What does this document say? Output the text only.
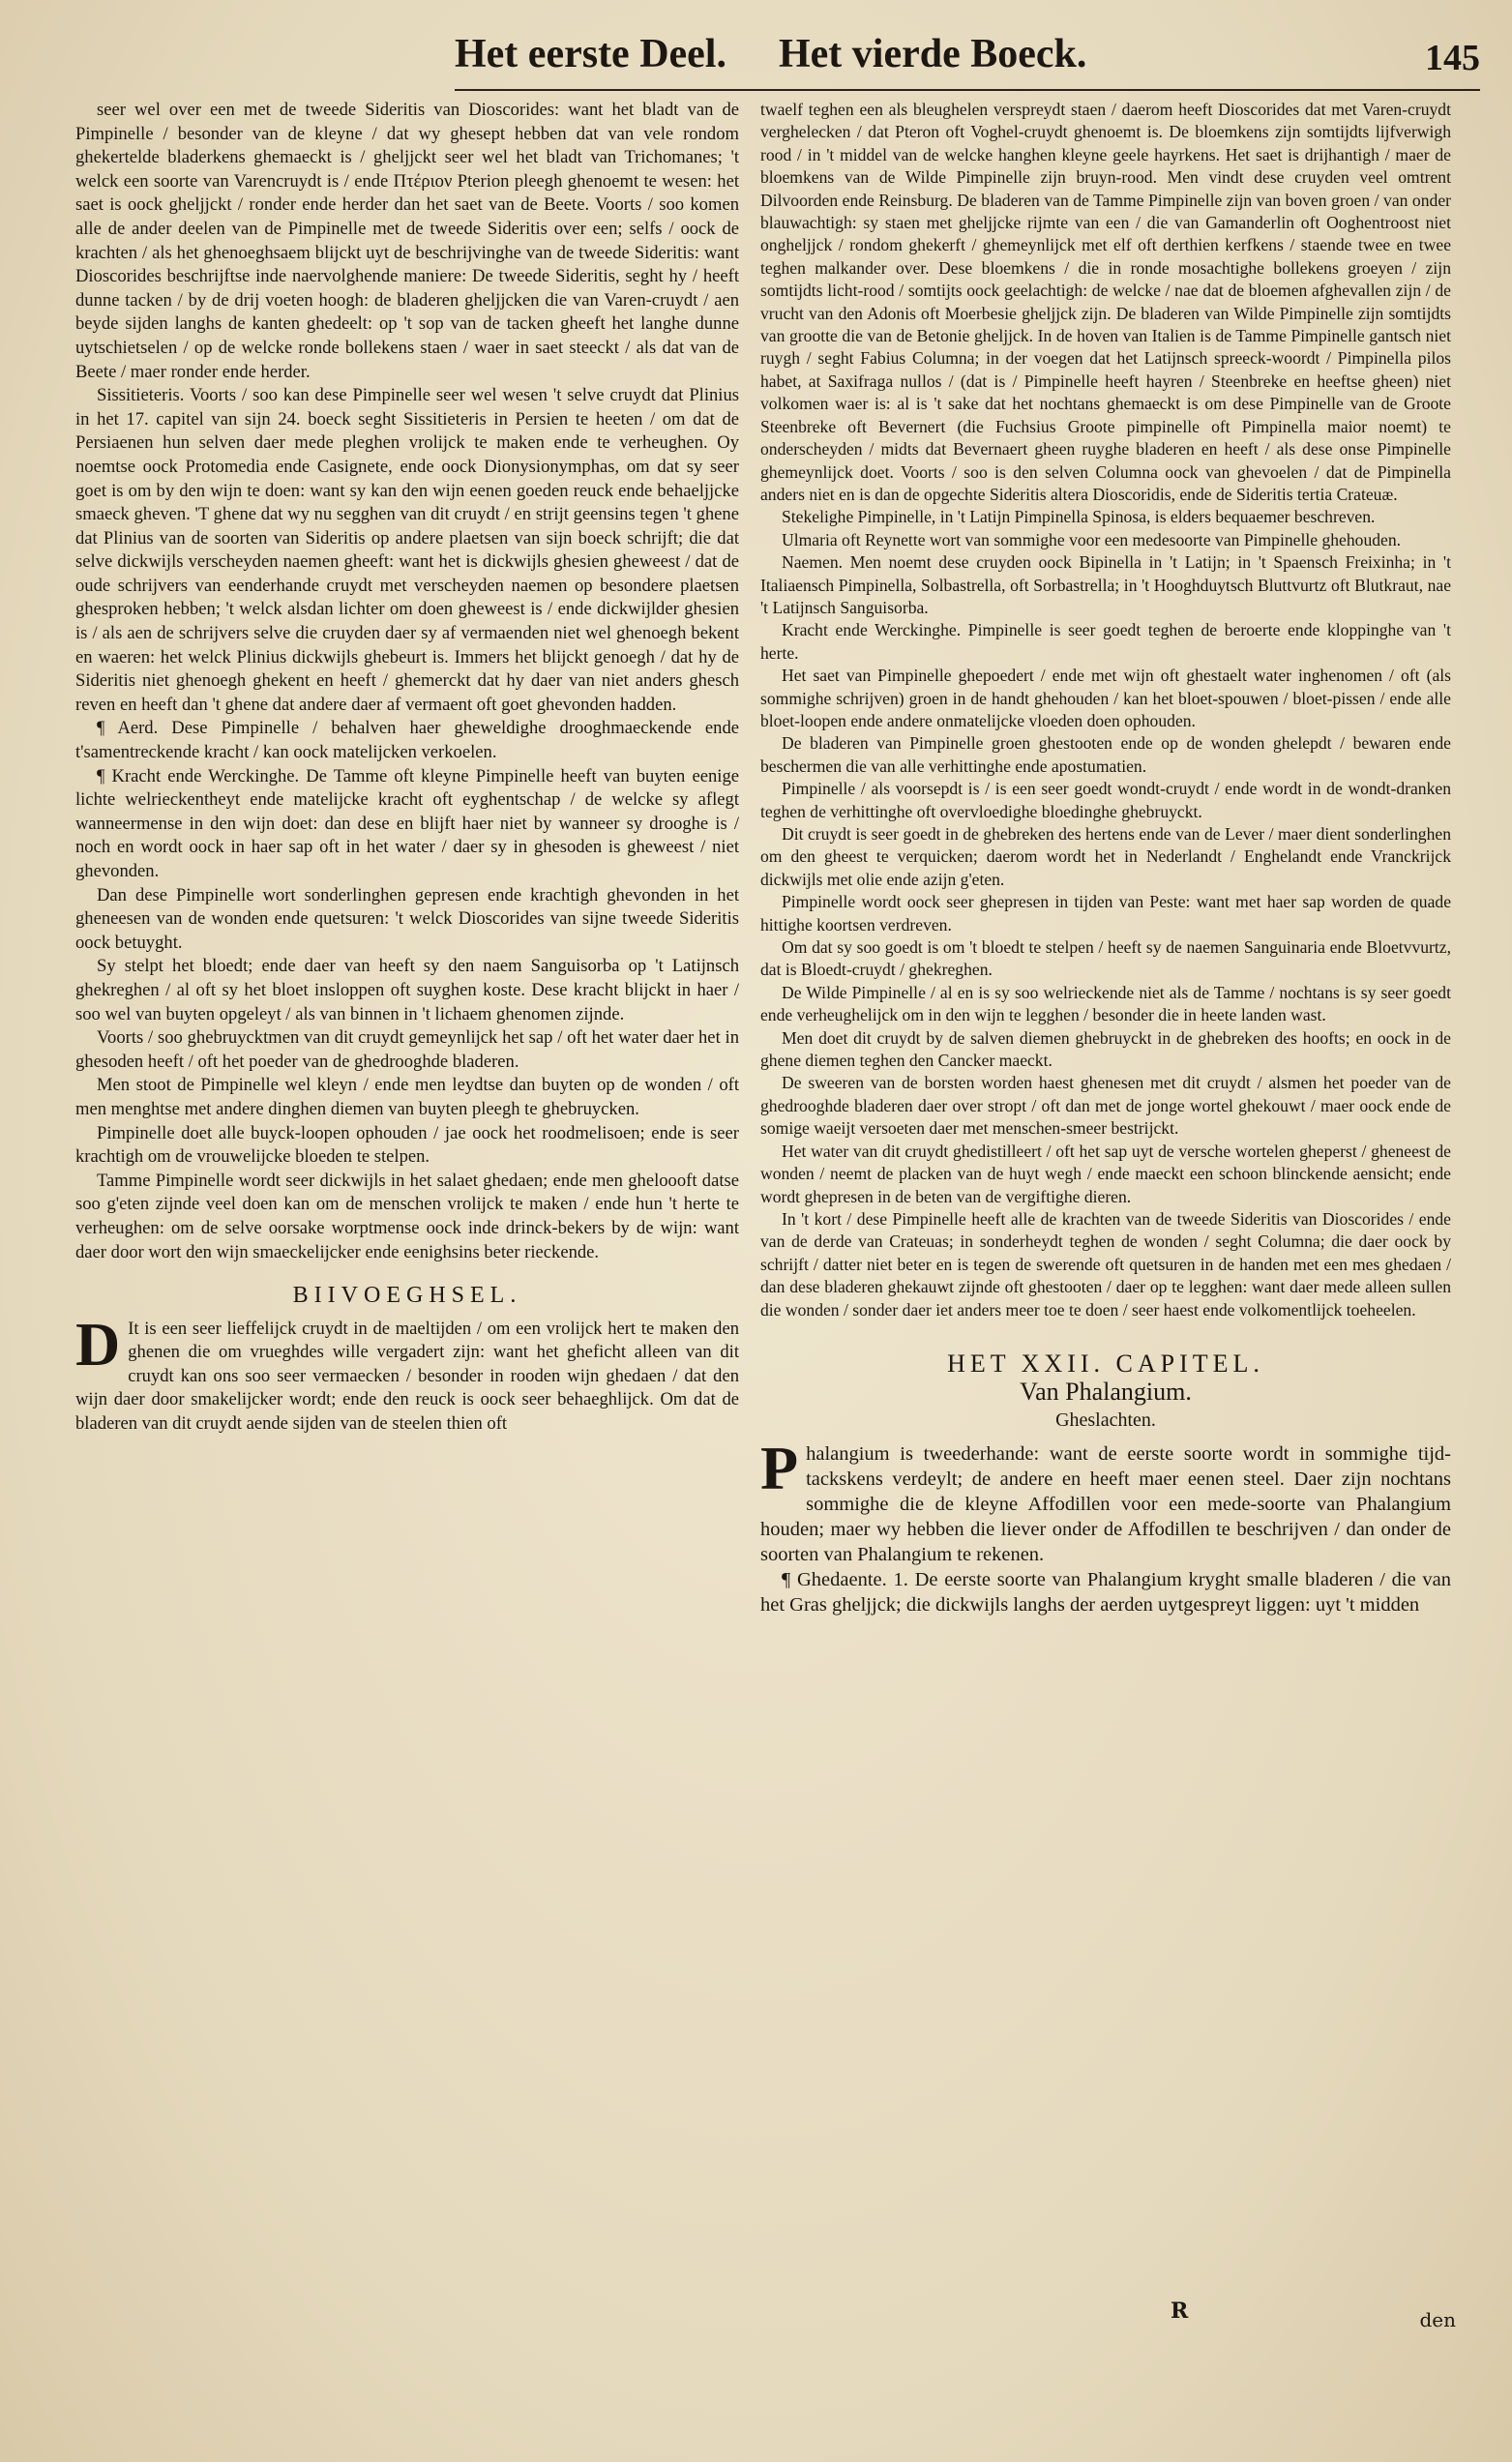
Het eerste Deel. Het vierde Boeck.	145

seer wel over een met de tweede Sideritis van Dioscorides: want het bladt van de Pimpinelle / besonder van de kleyne / dat wy ghesept hebben dat van vele rondom ghekertelde bladerkens ghemaeckt is / gheljjckt seer wel het bladt van Trichomanes; 't welck een soorte van Varencruydt is / ende Πτέριον Pterion pleegh ghenoemt te wesen: het saet is oock gheljjckt / ronder ende herder dan het saet van de Beete. Voorts / soo komen alle de ander deelen van de Pimpinelle met de tweede Sideritis over een; selfs / oock de krachten / als het ghenoeghsaem blijckt uyt de beschrijvinghe van de tweede Sideritis: want Dioscorides beschrijftse inde naervolghende maniere: De tweede Sideritis, seght hy / heeft dunne tacken / by de drij voeten hoogh: de bladeren gheljjcken die van Varen-cruydt / aen beyde sijden langhs de kanten ghedeelt: op 't sop van de tacken gheeft het langhe dunne uytschietselen / op de welcke ronde bollekens staen / waer in saet steeckt / als dat van de Beete / maer ronder ende herder.

Sissitieteris. Voorts / soo kan dese Pimpinelle seer wel wesen 't selve cruydt dat Plinius in het 17. capitel van sijn 24. boeck seght Sissitieteris in Persien te heeten / om dat de Persiaenen hun selven daer mede pleghen vrolijck te maken ende te verheughen. Oy noemtse oock Protomedia ende Casignete, ende oock Dionysionymphas, om dat sy seer goet is om by den wijn te doen: want sy kan den wijn eenen goeden reuck ende behaeljjcke smaeck gheven. 'T ghene dat wy nu segghen van dit cruydt / en strijt geensins tegen 't ghene dat Plinius van de soorten van Sideritis op andere plaetsen van sijn boeck schrijft; die dat selve dickwijls verscheyden naemen gheeft: want het is dickwijls ghesien gheweest / dat de oude schrijvers van eenderhande cruydt met verscheyden naemen op besondere plaetsen ghesproken hebben; 't welck alsdan lichter om doen gheweest is / ende dickwijlder ghesien is / als aen de schrijvers selve die cruyden daer sy af vermaenden niet wel ghenoegh bekent en waeren: het welck Plinius dickwijls ghebeurt is. Immers het blijckt genoegh / dat hy de Sideritis niet ghenoegh ghekent en heeft / ghemerckt dat hy daer van niet anders ghesch reven en heeft dan 't ghene dat andere daer af vermaent oft goet ghevonden hadden.

¶ Aerd. Dese Pimpinelle / behalven haer gheweldighe drooghmaeckende ende t'samentreckende kracht / kan oock matelijcken verkoelen.

¶ Kracht ende Werckinghe. De Tamme oft kleyne Pimpinelle heeft van buyten eenige lichte welrieckentheyt ende matelijcke kracht oft eyghentschap / de welcke sy aflegt wanneermense in den wijn doet: dan dese en blijft haer niet by wanneer sy drooghe is / noch en wordt oock in haer sap oft in het water / daer sy in ghesoden is gheweest / niet ghevonden.

Dan dese Pimpinelle wort sonderlinghen gepresen ende krachtigh ghevonden in het gheneesen van de wonden ende quetsuren: 't welck Dioscorides van sijne tweede Sideritis oock betuyght.

Sy stelpt het bloedt; ende daer van heeft sy den naem Sanguisorba op 't Latijnsch ghekreghen / al oft sy het bloet insloppen oft suyghen koste. Dese kracht blijckt in haer / soo wel van buyten opgeleyt / als van binnen in 't lichaem ghenomen zijnde.

Voorts / soo ghebruycktmen van dit cruydt gemeynlijck het sap / oft het water daer het in ghesoden heeft / oft het poeder van de ghedrooghde bladeren.

Men stoot de Pimpinelle wel kleyn / ende men leydtse dan buyten op de wonden / oft men menghtse met andere dinghen diemen van buyten pleegh te ghebruycken.

Pimpinelle doet alle buyck-loopen ophouden / jae oock het roodmelisoen; ende is seer krachtigh om de vrouwelijcke bloeden te stelpen.

Tamme Pimpinelle wordt seer dickwijls in het salaet ghedaen; ende men gheloooft datse soo g'eten zijnde veel doen kan om de menschen vrolijck te maken / ende hun 't herte te verheughen: om de selve oorsake worptmense oock inde drinck-bekers by de wijn: want daer door wort den wijn smaeckelijcker ende eenighsins beter rieckende.

BIIVOEGHSEL.

D It is een seer lieffelijck cruydt in de maeltijden / om een vrolijck hert te maken den ghenen die om vrueghdes wille vergadert zijn: want het gheficht alleen van dit cruydt kan ons soo seer vermaecken / besonder in rooden wijn ghedaen / dat den wijn daer door smakelijcker wordt; ende den reuck is oock seer behaeghlijck. Om dat de bladeren van dit cruydt aende sijden van de steelen thien oft

twaelf teghen een als bleughelen verspreydt staen / daerom heeft Dioscorides dat met Varen-cruydt verghelecken / dat Pteron oft Voghel-cruydt ghenoemt is. De bloemkens zijn somtijdts lijfverwigh rood / in 't middel van de welcke hanghen kleyne geele hayrkens. Het saet is drijhantigh / maer de bloemkens van de Wilde Pimpinelle zijn bruyn-rood. Men vindt dese cruyden veel omtrent Dilvoorden ende Reinsburg. De bladeren van de Tamme Pimpinelle zijn van boven groen / van onder blauwachtigh: sy staen met gheljjcke rijmte van een / die van Gamanderlin oft Ooghentroost niet ongheljjck / rondom ghekerft / ghemeynlijck met elf oft derthien kerfkens / staende twee en twee teghen malkander over. Dese bloemkens / die in ronde mosachtighe bollekens groeyen / zijn somtijdts licht-rood / somtijts oock geelachtigh: de welcke / nae dat de bloemen afghevallen zijn / de vrucht van den Adonis oft Moerbesie gheljjck zijn. De bladeren van Wilde Pimpinelle zijn somtijdts van grootte die van de Betonie gheljjck. In de hoven van Italien is de Tamme Pimpinelle gantsch niet ruygh / seght Fabius Columna; in der voegen dat het Latijnsch spreeck-woordt / Pimpinella pilos habet, at Saxifraga nullos / (dat is / Pimpinelle heeft hayren / Steenbreke en heeftse gheen) niet volkomen waer is: al is 't sake dat het nochtans ghemaeckt is om dese Pimpinelle van de Groote Steenbreke oft Bevernert (die Fuchsius Groote pimpinelle oft Pimpinella maior noemt) te onderscheyden / midts dat Bevernaert gheen ruyghe bladeren en heeft / als dese onse Pimpinelle ghemeynlijck doet. Voorts / soo is den selven Columna oock van ghevoelen / dat de Pimpinella anders niet en is dan de opgechte Sideritis altera Dioscoridis, ende de Sideritis tertia Crateuæ.

Stekelighe Pimpinelle, in 't Latijn Pimpinella Spinosa, is elders bequaemer beschreven.

Ulmaria oft Reynette wort van sommighe voor een medesoorte van Pimpinelle ghehouden.

Naemen. Men noemt dese cruyden oock Bipinella in 't Latijn; in 't Spaensch Freixinha; in 't Italiaensch Pimpinella, Solbastrella, oft Sorbastrella; in 't Hooghduytsch Bluttvurtz oft Blutkraut, nae 't Latijnsch Sanguisorba.

Kracht ende Werckinghe. Pimpinelle is seer goedt teghen de beroerte ende kloppinghe van 't herte.

Het saet van Pimpinelle ghepoedert / ende met wijn oft ghestaelt water inghenomen / oft (als sommighe schrijven) groen in de handt ghehouden / kan het bloet-spouwen / bloet-pissen / ende alle bloet-loopen ende andere onmatelijcke vloeden doen ophouden.

De bladeren van Pimpinelle groen ghestooten ende op de wonden ghelepdt / bewaren ende beschermen die van alle verhittinghe ende apostumatien.

Pimpinelle / als voorsepdt is / is een seer goedt wondt-cruydt / ende wordt in de wondt-dranken teghen de verhittinghe oft overvloedighe bloedinghe ghebruyckt.

Dit cruydt is seer goedt in de ghebreken des hertens ende van de Lever / maer dient sonderlinghen om den gheest te verquicken; daerom wordt het in Nederlandt / Enghelandt ende Vranckrijck dickwijls met olie ende azijn g'eten.

Pimpinelle wordt oock seer ghepresen in tijden van Peste: want met haer sap worden de quade hittighe koortsen verdreven.

Om dat sy soo goedt is om 't bloedt te stelpen / heeft sy de naemen Sanguinaria ende Bloetvvurtz, dat is Bloedt-cruydt / ghekreghen.

De Wilde Pimpinelle / al en is sy soo welrieckende niet als de Tamme / nochtans is sy seer goedt ende verheughelijck om in den wijn te legghen / besonder die in heete landen wast.

Men doet dit cruydt by de salven diemen ghebruyckt in de ghebreken des hoofts; en oock in de ghene diemen teghen den Cancker maeckt.

De sweeren van de borsten worden haest ghenesen met dit cruydt / alsmen het poeder van de ghedrooghde bladeren daer over stropt / oft dan met de jonge wortel ghekouwt / maer oock ende de somige waeijt versoeten daer met menschen-smeer bestrijckt.

Het water van dit cruydt ghedistilleert / oft het sap uyt de versche wortelen gheperst / gheneest de wonden / neemt de placken van de huyt wegh / ende maeckt een schoon blinckende aensicht; ende wordt ghepresen in de beten van de vergiftighe dieren.

In 't kort / dese Pimpinelle heeft alle de krachten van de tweede Sideritis van Dioscorides / ende van de derde van Crateuas; in sonderheydt teghen de wonden / seght Columna; die daer oock by schrijft / datter niet beter en is tegen de swerende oft quetsuren in de handen met een mes ghedaen / dan dese bladeren ghekauwt zijnde oft ghestooten / daer op te legghen: want daer mede alleen sullen die wonden / sonder daer iet anders meer toe te doen / seer haest ende volkomentlijck toeheelen.

HET XXII. CAPITEL.
Van Phalangium.
Gheslachten.

Phalangium is tweederhande: want de eerste soorte wordt in sommighe tijd-tackskens verdeylt; de andere en heeft maer eenen steel. Daer zijn nochtans sommighe die de kleyne Affodillen voor een mede-soorte van Phalangium houden; maer wy hebben die liever onder de Affodillen te beschrijven / dan onder de soorten van Phalangium te rekenen.

¶ Ghedaente. 1. De eerste soorte van Phalangium kryght smalle bladeren / die van het Gras gheljjck; die dickwijls langhs der aerden uytgespreyt liggen: uyt 't midden

R	den
